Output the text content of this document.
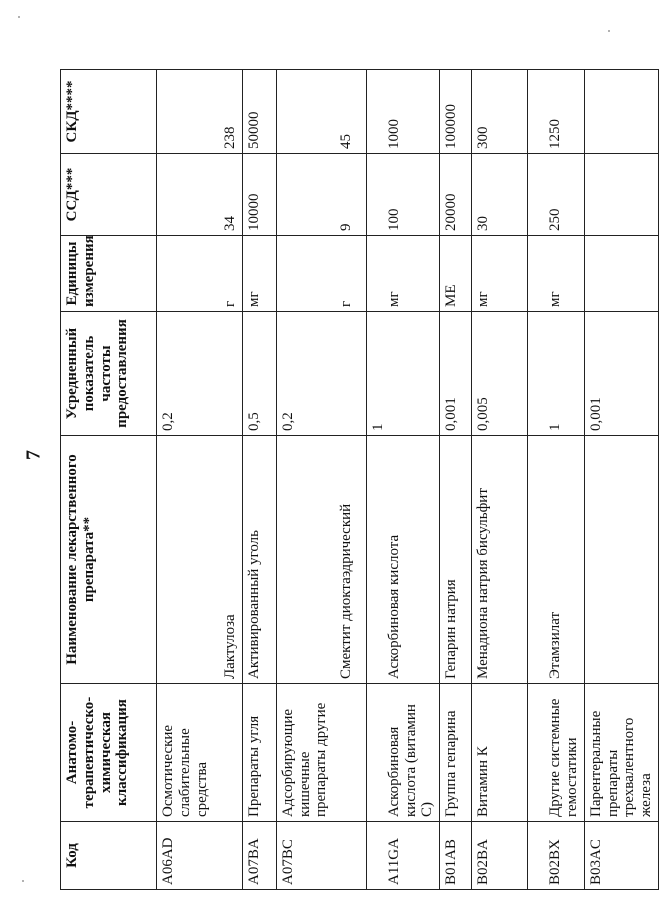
7
Код	Анатомо-терапевтическо-химическая классификация	Наименование лекарственного препарата**	Усредненный показатель частоты предоставления	Единицы измерения	ССД***	СКД****
A06AD	Осмотические слабительные средства	Лактулоза	0,2	г	34	238

A07BA	Препараты угля	Активированный уголь	0,5	мг	10000	50000
A07BC	Адсорбирующие кишечные препараты другие	Смектит диоктаэдрический	0,2	г	9	45

A11GA	Аскорбиновая кислота (витамин С)	Аскорбиновая кислота	1	мг	100	1000

B01AB	Группа гепарина	Гепарин натрия	0,001	МЕ	20000	100000
B02BA	Витамин К	Менадиона натрия бисульфит	0,005	мг	30	300

B02BX	Другие системные гемостатики	Этамзилат	1	мг	250	1250

B03AC	Парентеральные препараты трехвалентного железа		0,001			
